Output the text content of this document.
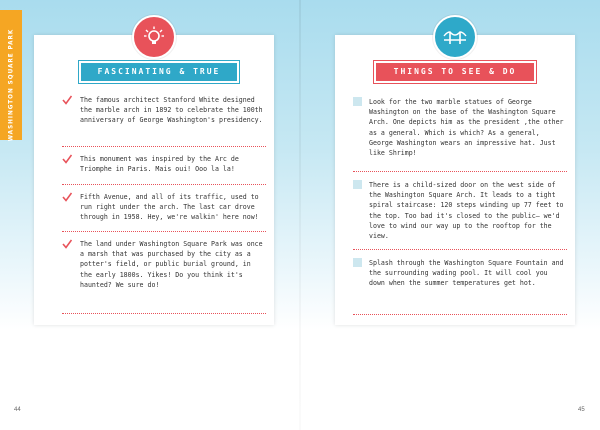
WASHINGTON SQUARE PARK	FASCINATING & TRUE
The famous architect Stanford White designed the marble arch in 1892 to celebrate the 100th anniversary of George Washington's presidency.
This monument was inspired by the Arc de Triomphe in Paris. Mais oui! Ooo la la!
Fifth Avenue, and all of its traffic, used to run right under the arch. The last car drove through in 1958. Hey, we're walkin' here now!
The land under Washington Square Park was once a marsh that was purchased by the city as a potter's field, or public burial ground, in the early 1800s. Yikes! Do you think it's haunted? We sure do!
THINGS TO SEE & DO
Look for the two marble statues of George Washington on the base of the Washington Square Arch. One depicts him as the president ,the other as a general. Which is which? As a general, George Washington wears an impressive hat. Just like Shrimp!
There is a child-sized door on the west side of the Washington Square Arch. It leads to a tight spiral staircase: 120 steps winding up 77 feet to the top. Too bad it's closed to the public— we'd love to wind our way up to the rooftop for the view.
Splash through the Washington Square Fountain and the surrounding wading pool. It will cool you down when the summer temperatures get hot.
44	45
